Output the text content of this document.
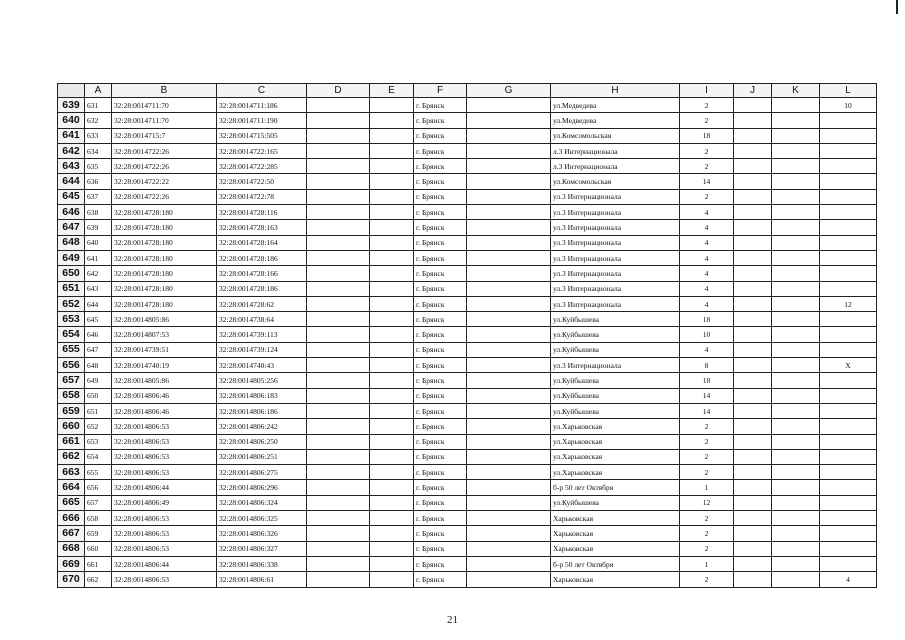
	A	B	C	D	E	F	G	H	I	J	K	L
639	631	32:28:0014711:70	32:28:0014711:186			г. Брянск		ул.Медведева	2			10
640	632	32:28:0014711:70	32:28:0014711:190			г. Брянск		ул.Медведева	2			
641	633	32:28:0014715:7	32:28:0014715:505			г. Брянск		ул.Комсомольская	18			
642	634	32:28:0014722:26	32:28:0014722:165			г. Брянск		л.3 Интернационала	2			
643	635	32:28:0014722:26	32:28:0014722:285			г. Брянск		л.3 Интернационала	2			
644	636	32:28:0014722:22	32:28:0014722:50			г. Брянск		ул.Комсомольская	14			
645	637	32:28:0014722:26	32:28:0014722:78			г. Брянск		ул.3 Интернационала	2			
646	638	32:28:0014728:180	32:28:0014728:116			г. Брянск		ул.3 Интернационала	4			
647	639	32:28:0014728:180	32:28:0014728:163			г. Брянск		ул.3 Интернационала	4			
648	640	32:28:0014728:180	32:28:0014728:164			г. Брянск		ул.3 Интернационала	4			
649	641	32:28:0014728:180	32:28:0014728:186			г. Брянск		ул.3 Интернационала	4			
650	642	32:28:0014728:180	32:28:0014728:166			г. Брянск		ул.3 Интернационала	4			
651	643	32:28:0014728:180	32:28:0014728:186			г. Брянск		ул.3 Интернационала	4			
652	644	32:28:0014728:180	32:28:0014728:62			г. Брянск		ул.3 Интернационала	4			12
653	645	32:28:0014805:86	32:28:0014738:64			г. Брянск		ул.Куйбышева	18			
654	646	32:28:0014807:53	32:28:0014739:113			г. Брянск		ул.Куйбышева	10			
655	647	32:28:0014739:51	32:28:0014739:124			г. Брянск		ул.Куйбышева	4			
656	648	32:28:0014740:19	32:28:0014740:43			г. Брянск		ул.3 Интернационала	8			X
657	649	32:28:0014805:86	32:28:0014805:256			г. Брянск		ул.Куйбышева	18			
658	650	32:28:0014806:46	32:28:0014806:183			г. Брянск		ул.Куйбышева	14			
659	651	32:28:0014806:46	32:28:0014806:186			г. Брянск		ул.Куйбышева	14			
660	652	32:28:0014806:53	32:28:0014806:242			г. Брянск		ул.Харьковская	2			
661	653	32:28:0014806:53	32:28:0014806:250			г. Брянск		ул.Харьковская	2			
662	654	32:28:0014806:53	32:28:0014806:251			г. Брянск		ул.Харьковская	2			
663	655	32:28:0014806:53	32:28:0014806:275			г. Брянск		ул.Харьковская	2			
664	656	32:28:0014806:44	32:28:0014806:296			г. Брянск		б-р 50 лет Октября	1			
665	657	32:28:0014806:49	32:28:0014806:324			г. Брянск		ул.Куйбышева	12			
666	658	32:28:0014806:53	32:28:0014806:325			г. Брянск		Харьковская	2			
667	659	32:28:0014806:53	32:28:0014806:326			г. Брянск		Харьковская	2			
668	660	32:28:0014806:53	32:28:0014806:327			г. Брянск		Харьковская	2			
669	661	32:28:0014806:44	32:28:0014806:338			г. Брянск		б-р 50 лет Октября	1			
670	662	32:28:0014806:53	32:28:0014806:61			г. Брянск		Харьковская	2			4
21
